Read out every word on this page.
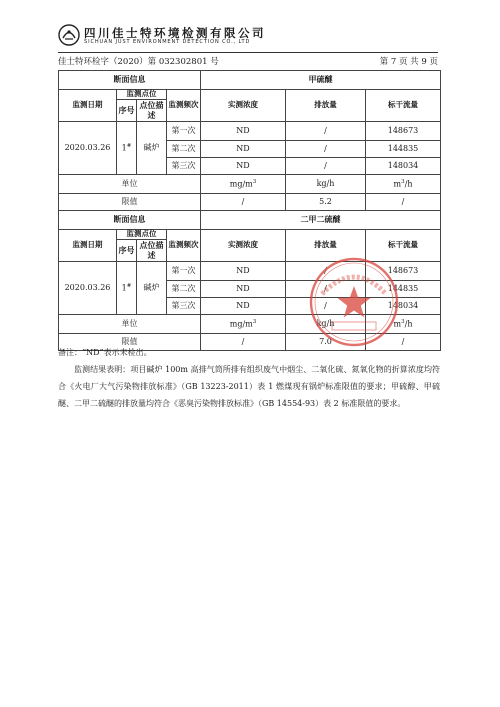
四川佳士特环境检测有限公司
SICHUAN JUST ENVIRONMENT DETECTION CO., LTD
佳士特环检字（2020）第 032302801 号	第 7 页 共 9 页
断面信息				甲硫醚		
监测日期	监测点位		监测频次	实测浓度	排放量	标干流量
	序号	点位描述				
2020.03.26	1#	碱炉	第一次	ND	/	148673
			第二次	ND	/	144835
			第三次	ND	/	148034
单位				$mg/m^3$	kg/h	$m^3/h$
限值				/	5.2	/
断面信息				二甲二硫醚		
监测日期	监测点位		监测频次	实测浓度	排放量	标干流量
	序号	点位描述				
2020.03.26	1#	碱炉	第一次	ND	/	148673
			第二次	ND	/	144835
			第三次	ND	/	148034
单位				$mg/m^3$	kg/h	$m^3/h$
限值				/	7.0	/

备注：“ND”表示未检出。

监测结果表明：项目碱炉 100m 高排气筒所排有组织废气中烟尘、二氧化硫、氮氧化物的折算浓度均符合《火电厂大气污染物排放标准》（GB 13223-2011）表 1 燃煤现有锅炉标准限值的要求；甲硫醇、甲硫醚、二甲二硫醚的排放量均符合《恶臭污染物排放标准》（GB 14554-93）表 2 标准限值的要求。
